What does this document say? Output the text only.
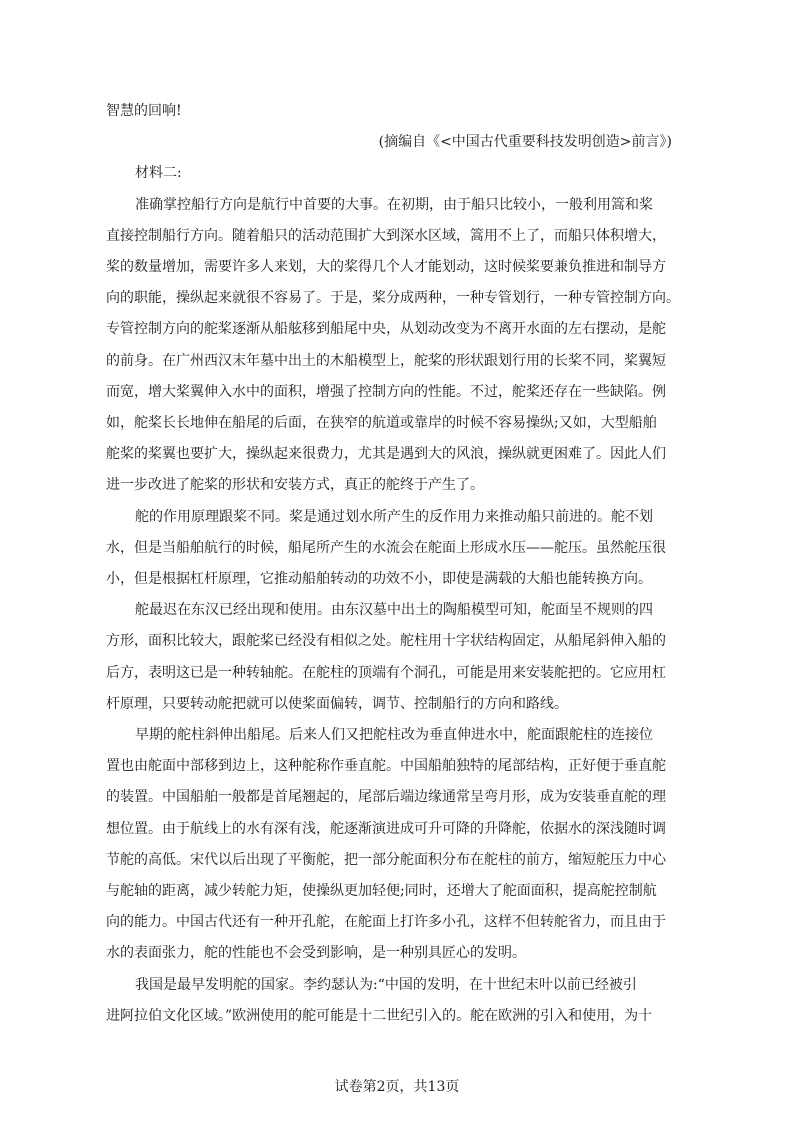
智慧的回响!
(摘编自《<中国古代重要科技发明创造>前言》)
材料二:
准确掌控船行方向是航行中首要的大事。在初期，由于船只比较小，一般利用篙和桨
直接控制船行方向。随着船只的活动范围扩大到深水区域，篙用不上了，而船只体积增大，
桨的数量增加，需要许多人来划，大的桨得几个人才能划动，这时候桨要兼负推进和制导方
向的职能，操纵起来就很不容易了。于是，桨分成两种，一种专管划行，一种专管控制方向。
专管控制方向的舵桨逐渐从船舷移到船尾中央，从划动改变为不离开水面的左右摆动，是舵
的前身。在广州西汉末年墓中出土的木船模型上，舵桨的形状跟划行用的长桨不同，桨翼短
而宽，增大桨翼伸入水中的面积，增强了控制方向的性能。不过，舵桨还存在一些缺陷。例
如，舵桨长长地伸在船尾的后面，在狭窄的航道或靠岸的时候不容易操纵;又如，大型船舶
舵桨的桨翼也要扩大，操纵起来很费力，尤其是遇到大的风浪，操纵就更困难了。因此人们
进一步改进了舵桨的形状和安装方式，真正的舵终于产生了。
舵的作用原理跟桨不同。桨是通过划水所产生的反作用力来推动船只前进的。舵不划
水，但是当船舶航行的时候，船尾所产生的水流会在舵面上形成水压——舵压。虽然舵压很
小，但是根据杠杆原理，它推动船舶转动的功效不小，即使是满载的大船也能转换方向。
舵最迟在东汉已经出现和使用。由东汉墓中出土的陶船模型可知，舵面呈不规则的四
方形，面积比较大，跟舵桨已经没有相似之处。舵柱用十字状结构固定，从船尾斜伸入船的
后方，表明这已是一种转轴舵。在舵柱的顶端有个洞孔，可能是用来安装舵把的。它应用杠
杆原理，只要转动舵把就可以使桨面偏转，调节、控制船行的方向和路线。
早期的舵柱斜伸出船尾。后来人们又把舵柱改为垂直伸进水中，舵面跟舵柱的连接位
置也由舵面中部移到边上，这种舵称作垂直舵。中国船舶独特的尾部结构，正好便于垂直舵
的装置。中国船舶一般都是首尾翘起的，尾部后端边缘通常呈弯月形，成为安装垂直舵的理
想位置。由于航线上的水有深有浅，舵逐渐演进成可升可降的升降舵，依据水的深浅随时调
节舵的高低。宋代以后出现了平衡舵，把一部分舵面积分布在舵柱的前方，缩短舵压力中心
与舵轴的距离，减少转舵力矩，使操纵更加轻便;同时，还增大了舵面面积，提高舵控制航
向的能力。中国古代还有一种开孔舵，在舵面上打许多小孔，这样不但转舵省力，而且由于
水的表面张力，舵的性能也不会受到影响，是一种别具匠心的发明。
我国是最早发明舵的国家。李约瑟认为:“中国的发明，在十世纪末叶以前已经被引
进阿拉伯文化区域。”欧洲使用的舵可能是十二世纪引入的。舵在欧洲的引入和使用，为十
试卷第2页，共13页
